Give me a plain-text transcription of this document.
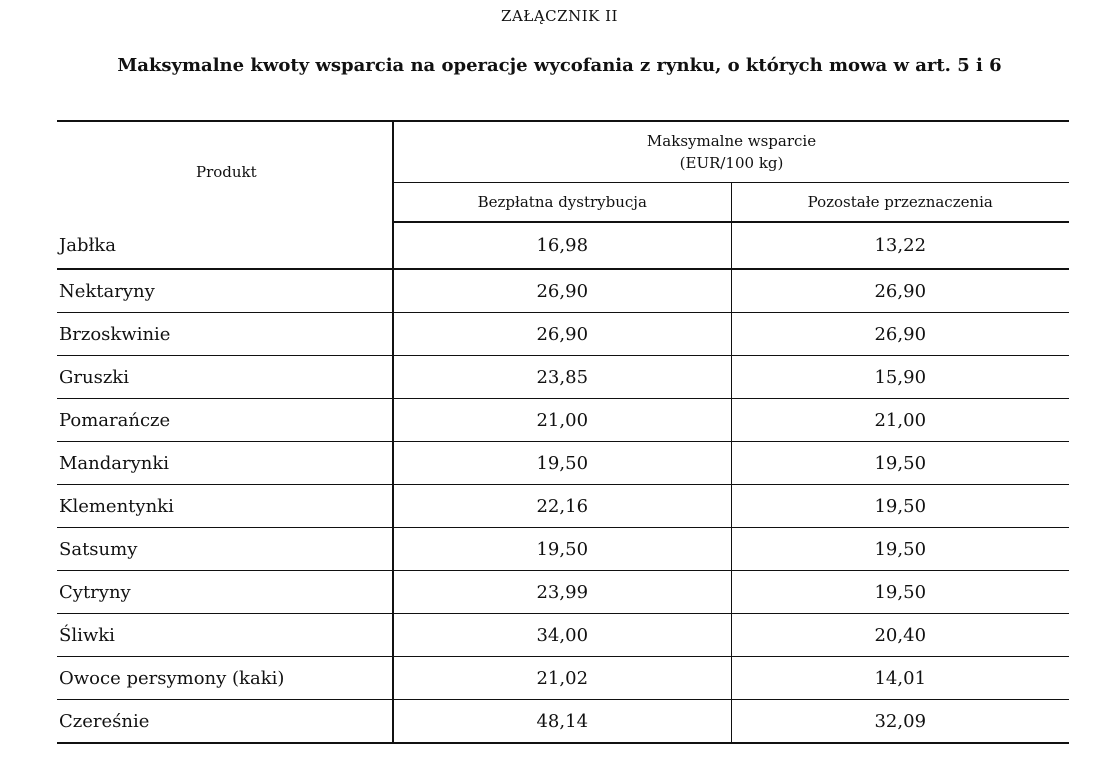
ZAŁĄCZNIK II
Maksymalne kwoty wsparcia na operacje wycofania z rynku, o których mowa w art. 5 i 6
Produkt	Maksymalne wsparcie
(EUR/100 kg)	

	Bezpłatna dystrybucja	Pozostałe przeznaczenia
Jabłka	16,98	13,22
Nektaryny	26,90	26,90
Brzoskwinie	26,90	26,90
Gruszki	23,85	15,90
Pomarańcze	21,00	21,00
Mandarynki	19,50	19,50
Klementynki	22,16	19,50
Satsumy	19,50	19,50
Cytryny	23,99	19,50
Śliwki	34,00	20,40
Owoce persymony (kaki)	21,02	14,01
Czereśnie	48,14	32,09
